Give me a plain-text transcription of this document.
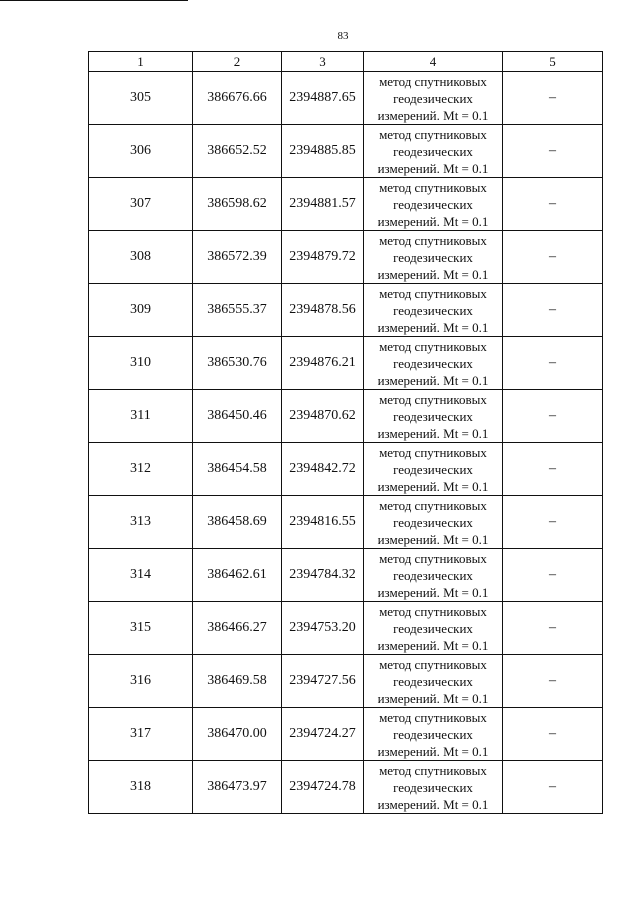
83
1	2	3	4	5
305	386676.66	2394887.65	метод спутниковых
геодезических
измерений. Mt = 0.1	–
306	386652.52	2394885.85	метод спутниковых
геодезических
измерений. Mt = 0.1	–
307	386598.62	2394881.57	метод спутниковых
геодезических
измерений. Mt = 0.1	–
308	386572.39	2394879.72	метод спутниковых
геодезических
измерений. Mt = 0.1	–
309	386555.37	2394878.56	метод спутниковых
геодезических
измерений. Mt = 0.1	–
310	386530.76	2394876.21	метод спутниковых
геодезических
измерений. Mt = 0.1	–
311	386450.46	2394870.62	метод спутниковых
геодезических
измерений. Mt = 0.1	–
312	386454.58	2394842.72	метод спутниковых
геодезических
измерений. Mt = 0.1	–
313	386458.69	2394816.55	метод спутниковых
геодезических
измерений. Mt = 0.1	–
314	386462.61	2394784.32	метод спутниковых
геодезических
измерений. Mt = 0.1	–
315	386466.27	2394753.20	метод спутниковых
геодезических
измерений. Mt = 0.1	–
316	386469.58	2394727.56	метод спутниковых
геодезических
измерений. Mt = 0.1	–
317	386470.00	2394724.27	метод спутниковых
геодезических
измерений. Mt = 0.1	–
318	386473.97	2394724.78	метод спутниковых
геодезических
измерений. Mt = 0.1	–
